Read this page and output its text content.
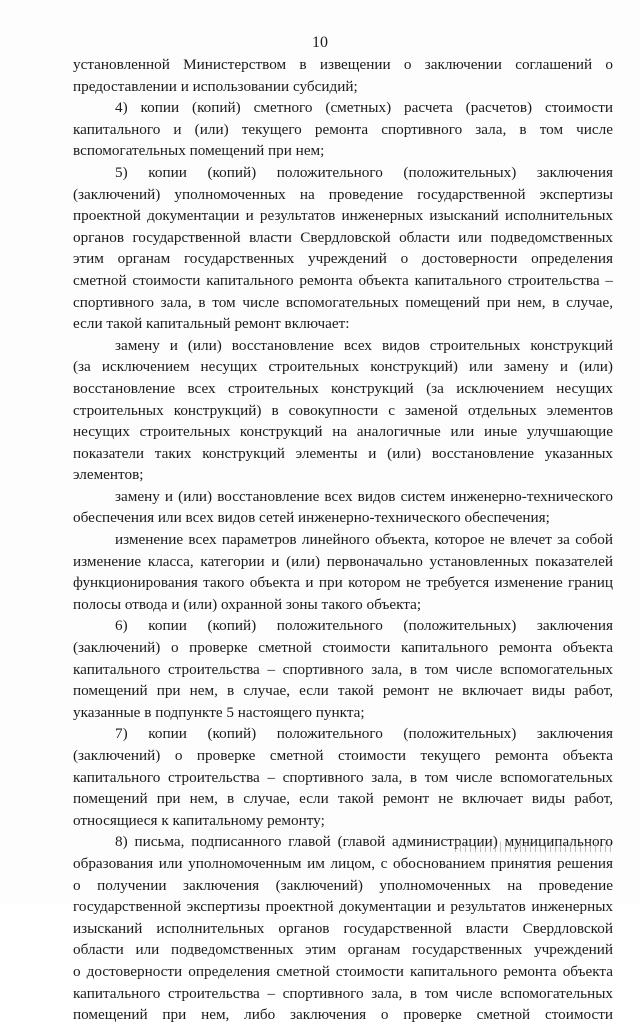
10
установленной Министерством в извещении о заключении соглашений о
предоставлении и использовании субсидий;
4) копии (копий) сметного (сметных) расчета (расчетов) стоимости
капитального и (или) текущего ремонта спортивного зала, в том числе
вспомогательных помещений при нем;
5) копии (копий) положительного (положительных) заключения
(заключений) уполномоченных на проведение государственной экспертизы
проектной документации и результатов инженерных изысканий исполнительных
органов государственной власти Свердловской области или подведомственных
этим органам государственных учреждений о достоверности определения
сметной стоимости капитального ремонта объекта капитального строительства –
спортивного зала, в том числе вспомогательных помещений при нем, в случае,
если такой капитальный ремонт включает:
замену и (или) восстановление всех видов строительных конструкций
(за исключением несущих строительных конструкций) или замену и (или)
восстановление всех строительных конструкций (за исключением несущих
строительных конструкций) в совокупности с заменой отдельных элементов
несущих строительных конструкций на аналогичные или иные улучшающие
показатели таких конструкций элементы и (или) восстановление указанных
элементов;
замену и (или) восстановление всех видов систем инженерно-технического
обеспечения или всех видов сетей инженерно-технического обеспечения;
изменение всех параметров линейного объекта, которое не влечет за собой
изменение класса, категории и (или) первоначально установленных показателей
функционирования такого объекта и при котором не требуется изменение границ
полосы отвода и (или) охранной зоны такого объекта;
6) копии (копий) положительного (положительных) заключения
(заключений) о проверке сметной стоимости капитального ремонта объекта
капитального строительства – спортивного зала, в том числе вспомогательных
помещений при нем, в случае, если такой ремонт не включает виды работ,
указанные в подпункте 5 настоящего пункта;
7) копии (копий) положительного (положительных) заключения
(заключений) о проверке сметной стоимости текущего ремонта объекта
капитального строительства – спортивного зала, в том числе вспомогательных
помещений при нем, в случае, если такой ремонт не включает виды работ,
относящиеся к капитальному ремонту;
8) письма, подписанного главой (главой администрации) муниципального
образования или уполномоченным им лицом, с обоснованием принятия решения
о получении заключения (заключений) уполномоченных на проведение
государственной экспертизы проектной документации и результатов инженерных
изысканий исполнительных органов государственной власти Свердловской
области или подведомственных этим органам государственных учреждений
о достоверности определения сметной стоимости капитального ремонта объекта
капитального строительства – спортивного зала, в том числе вспомогательных
помещений при нем, либо заключения о проверке сметной стоимости
